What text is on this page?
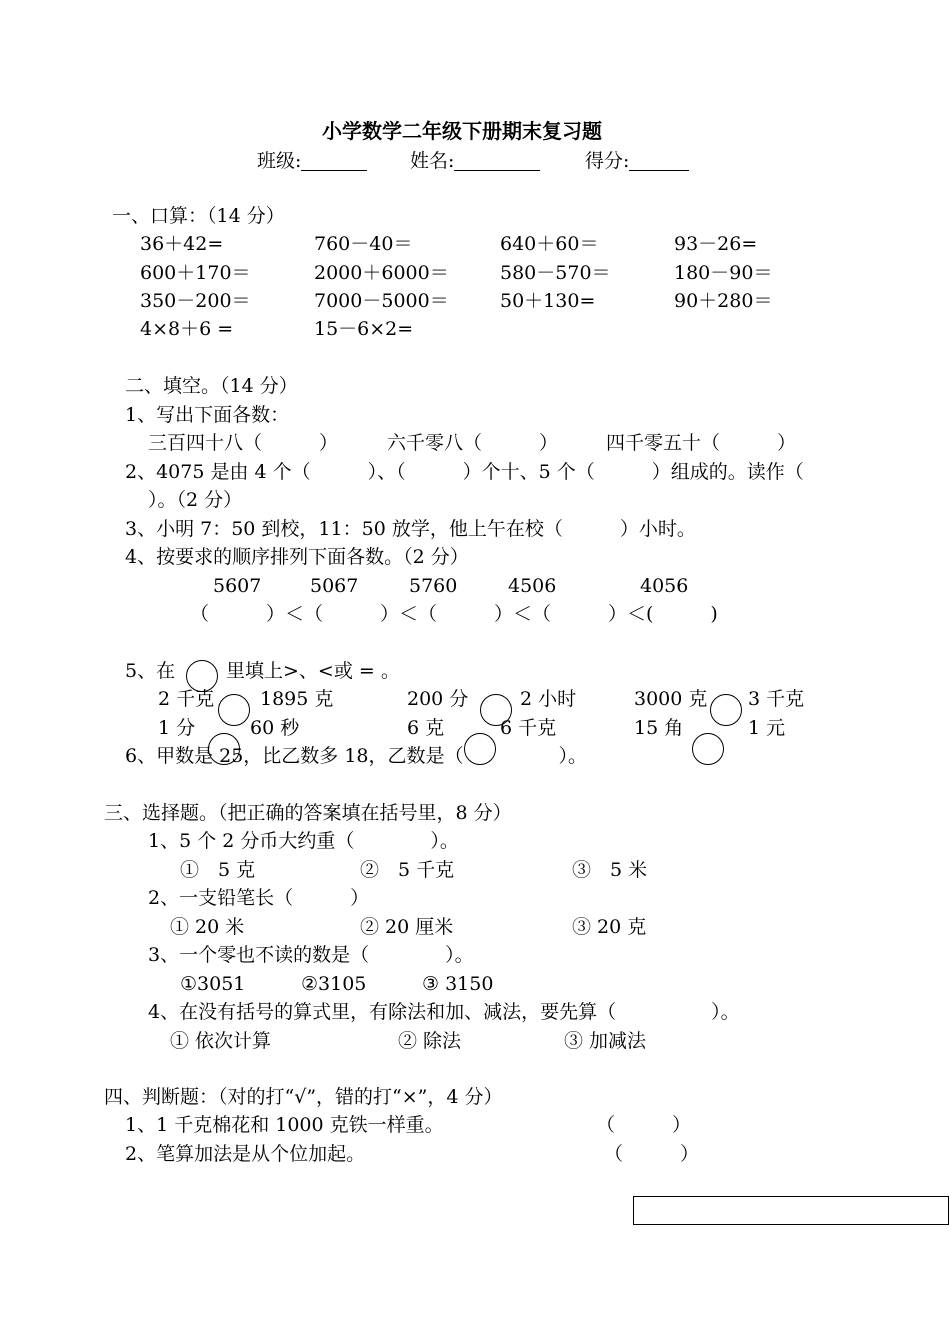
小学数学二年级下册期末复习题
班级:	姓名:	得分:
一、口算：（14 分）
36＋42=	760－40＝	640＋60＝	93－26=
600＋170＝	2000＋6000＝	580－570＝	180－90＝
350－200＝	7000－5000＝	50＋130=	90＋280＝
4×8＋6 =	15－6×2=
二、填空。（14 分）
1、写出下面各数：
三百四十八（　　　）	六千零八（　　　）	四千零五十（　　　）
2、4075 是由 4 个（　　　）、（　　　）个十、5 个（　　　）组成的。读作（
）。（2 分）
3、小明 7：50 到校，11：50 放学，他上午在校（　　　）小时。
4、按要求的顺序排列下面各数。（2 分）
5607	5067	5760	4506	4056
（　　　）＜（　　　）＜（　　　）＜（　　　）＜(　　　)
5、在	里填上>、<或 = 。
2 千克 1895 克	200 分	2 小时	3000 克 3 千克
1 分	60 秒	6 克	6 千克	15 角	1 元
6、甲数是 25，比乙数多 18，乙数是（　　　　　）。
三、选择题。（把正确的答案填在括号里，8 分）
1、5 个 2 分币大约重（　　　　）。
①　5 克	②　5 千克	③　5 米
2、一支铅笔长（　　　）
① 20 米	② 20 厘米	③ 20 克
3、一个零也不读的数是（　　　　）。
①3051	②3105	③ 3150
4、在没有括号的算式里，有除法和加、减法，要先算（　　　　　）。
① 依次计算	② 除法	③ 加减法
四、判断题：（对的打“√”，错的打“×”，4 分）
1、1 千克棉花和 1000 克铁一样重。	（　　　）
2、笔算加法是从个位加起。	（　　　）
